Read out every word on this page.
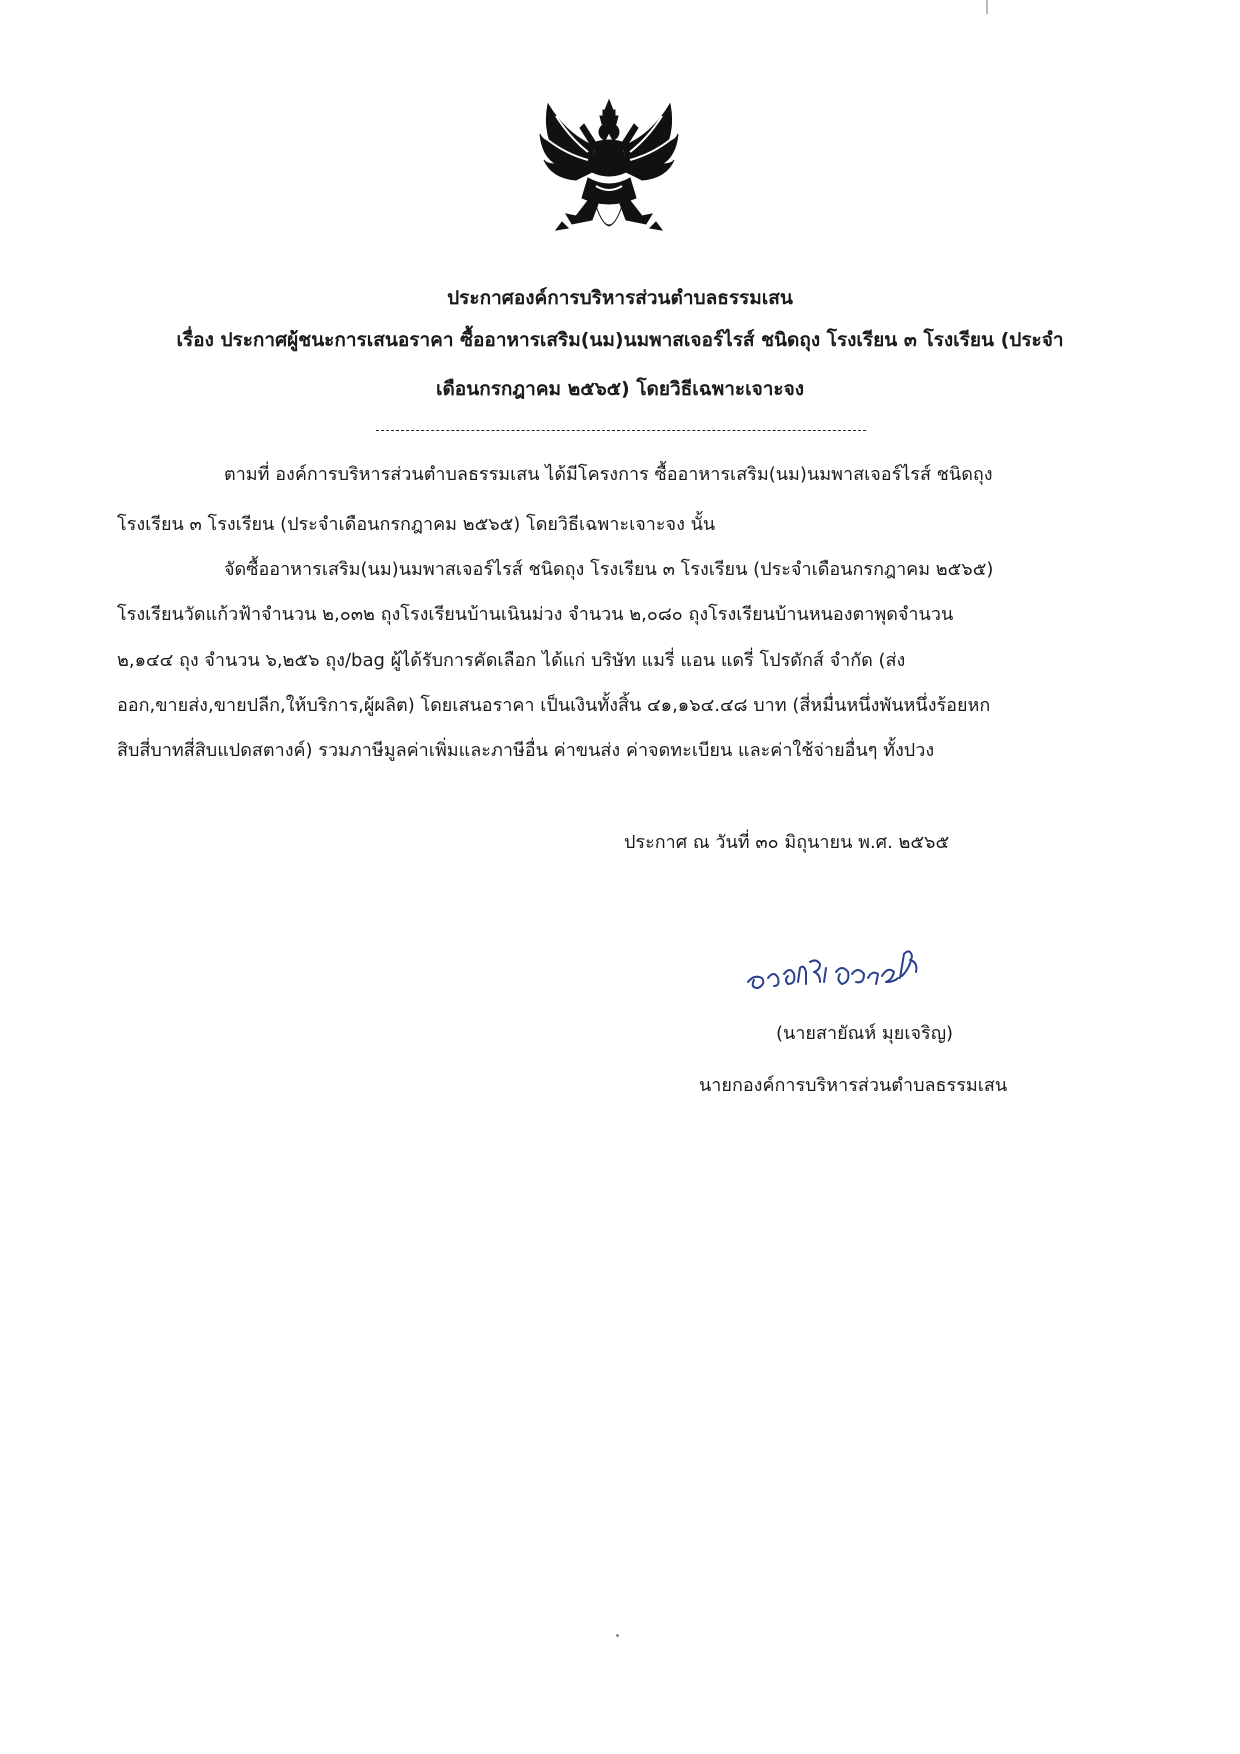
ประกาศองค์การบริหารส่วนตำบลธรรมเสน
เรื่อง ประกาศผู้ชนะการเสนอราคา ซื้ออาหารเสริม(นม)นมพาสเจอร์ไรส์ ชนิดถุง โรงเรียน ๓ โรงเรียน (ประจำ
เดือนกรกฎาคม ๒๕๖๕) โดยวิธีเฉพาะเจาะจง
ตามที่ องค์การบริหารส่วนตำบลธรรมเสน ได้มีโครงการ ซื้ออาหารเสริม(นม)นมพาสเจอร์ไรส์ ชนิดถุง
โรงเรียน ๓ โรงเรียน (ประจำเดือนกรกฎาคม ๒๕๖๕) โดยวิธีเฉพาะเจาะจง นั้น
จัดซื้ออาหารเสริม(นม)นมพาสเจอร์ไรส์ ชนิดถุง โรงเรียน ๓ โรงเรียน (ประจำเดือนกรกฎาคม ๒๕๖๕)
โรงเรียนวัดแก้วฟ้าจำนวน ๒,๐๓๒ ถุงโรงเรียนบ้านเนินม่วง จำนวน ๒,๐๘๐ ถุงโรงเรียนบ้านหนองตาพุดจำนวน
๒,๑๔๔ ถุง จำนวน ๖,๒๕๖ ถุง/bag ผู้ได้รับการคัดเลือก ได้แก่ บริษัท แมรี่ แอน แดรี่ โปรดักส์ จำกัด (ส่ง
ออก,ขายส่ง,ขายปลีก,ให้บริการ,ผู้ผลิต) โดยเสนอราคา เป็นเงินทั้งสิ้น ๔๑,๑๖๔.๔๘ บาท (สี่หมื่นหนึ่งพันหนึ่งร้อยหก
สิบสี่บาทสี่สิบแปดสตางค์) รวมภาษีมูลค่าเพิ่มและภาษีอื่น ค่าขนส่ง ค่าจดทะเบียน และค่าใช้จ่ายอื่นๆ ทั้งปวง
ประกาศ ณ วันที่ ๓๐ มิถุนายน พ.ศ. ๒๕๖๕
(นายสายัณห์ มุยเจริญ)
นายกองค์การบริหารส่วนตำบลธรรมเสน
